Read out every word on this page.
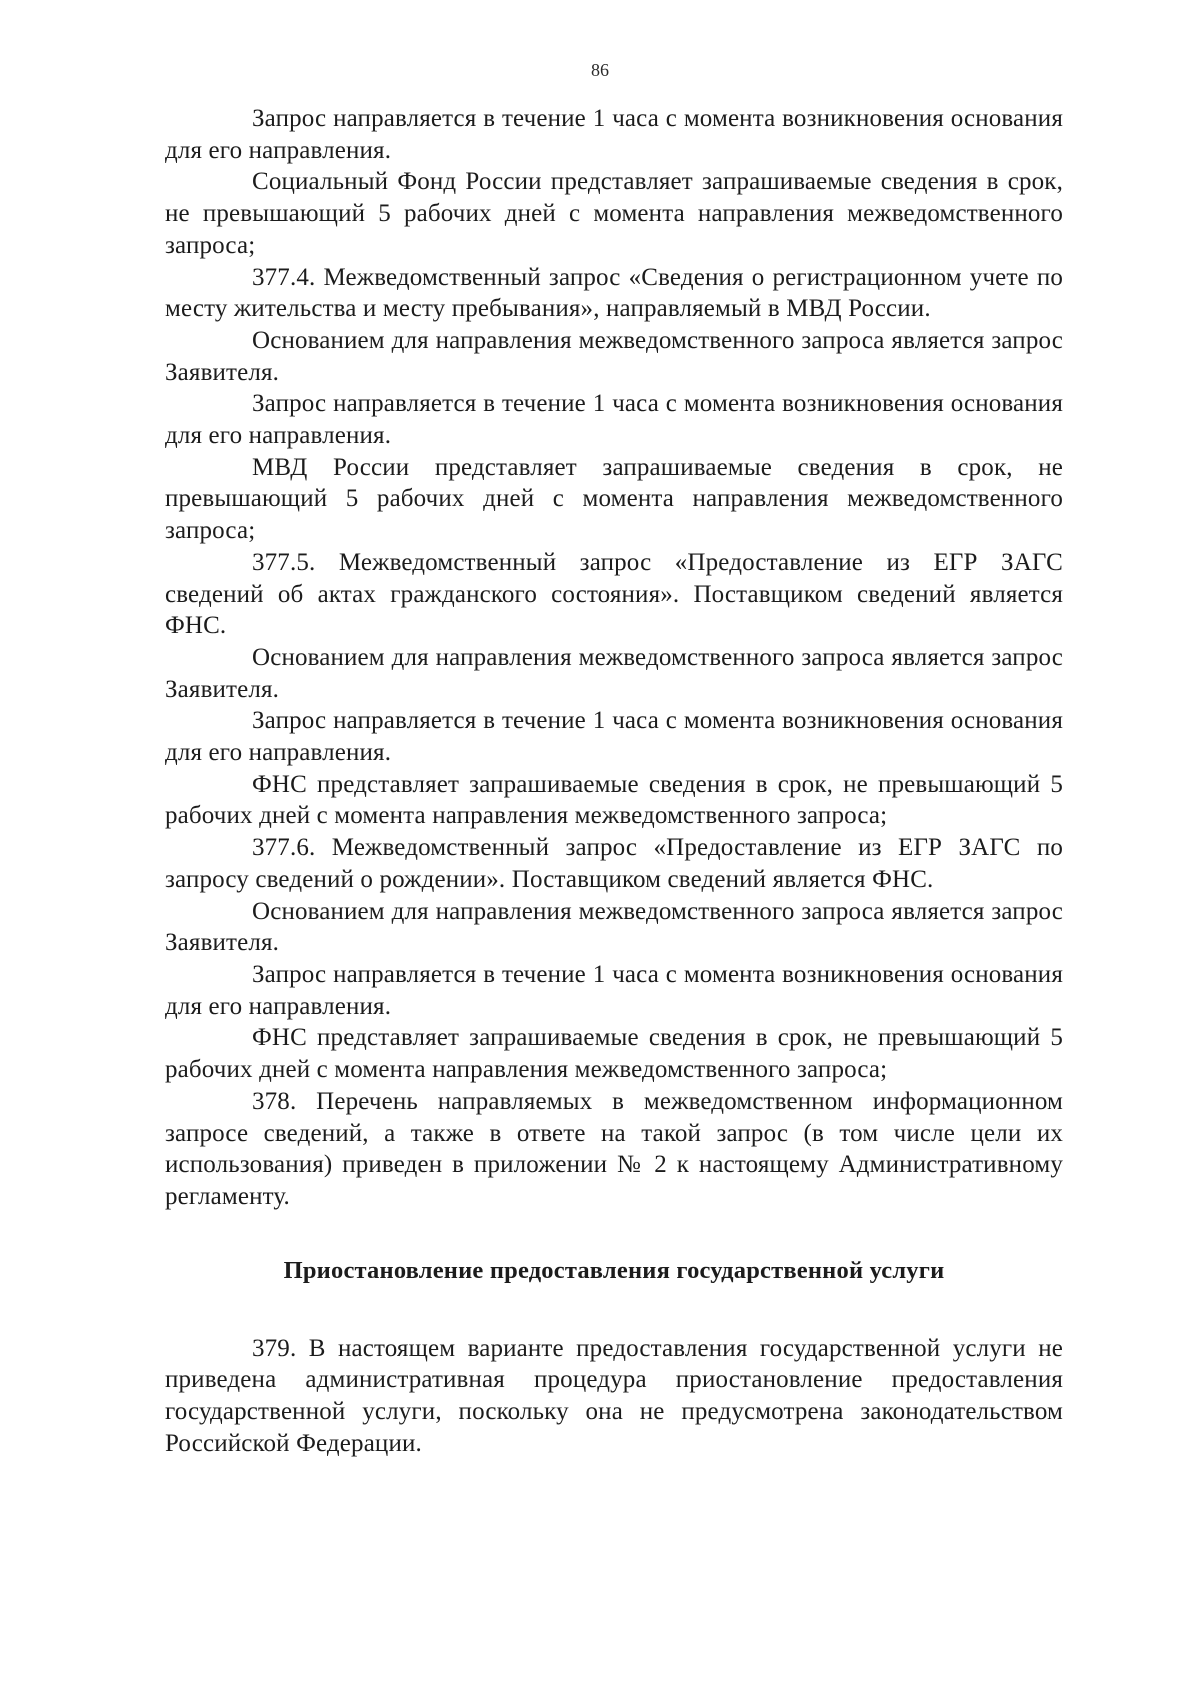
86

Запрос направляется в течение 1 часа с момента возникновения основания для его направления.

Социальный Фонд России представляет запрашиваемые сведения в срок, не превышающий 5 рабочих дней с момента направления межведомственного запроса;

377.4. Межведомственный запрос «Сведения о регистрационном учете по месту жительства и месту пребывания», направляемый в МВД России.

Основанием для направления межведомственного запроса является запрос Заявителя.

Запрос направляется в течение 1 часа с момента возникновения основания для его направления.

МВД России представляет запрашиваемые сведения в срок, не превышающий 5 рабочих дней с момента направления межведомственного запроса;

377.5. Межведомственный запрос «Предоставление из ЕГР ЗАГС сведений об актах гражданского состояния». Поставщиком сведений является ФНС.

Основанием для направления межведомственного запроса является запрос Заявителя.

Запрос направляется в течение 1 часа с момента возникновения основания для его направления.

ФНС представляет запрашиваемые сведения в срок, не превышающий 5 рабочих дней с момента направления межведомственного запроса;

377.6. Межведомственный запрос «Предоставление из ЕГР ЗАГС по запросу сведений о рождении». Поставщиком сведений является ФНС.

Основанием для направления межведомственного запроса является запрос Заявителя.

Запрос направляется в течение 1 часа с момента возникновения основания для его направления.

ФНС представляет запрашиваемые сведения в срок, не превышающий 5 рабочих дней с момента направления межведомственного запроса;

378. Перечень направляемых в межведомственном информационном запросе сведений, а также в ответе на такой запрос (в том числе цели их использования) приведен в приложении № 2 к настоящему Административному регламенту.

Приостановление предоставления государственной услуги

379. В настоящем варианте предоставления государственной услуги не приведена административная процедура приостановление предоставления государственной услуги, поскольку она не предусмотрена законодательством Российской Федерации.
